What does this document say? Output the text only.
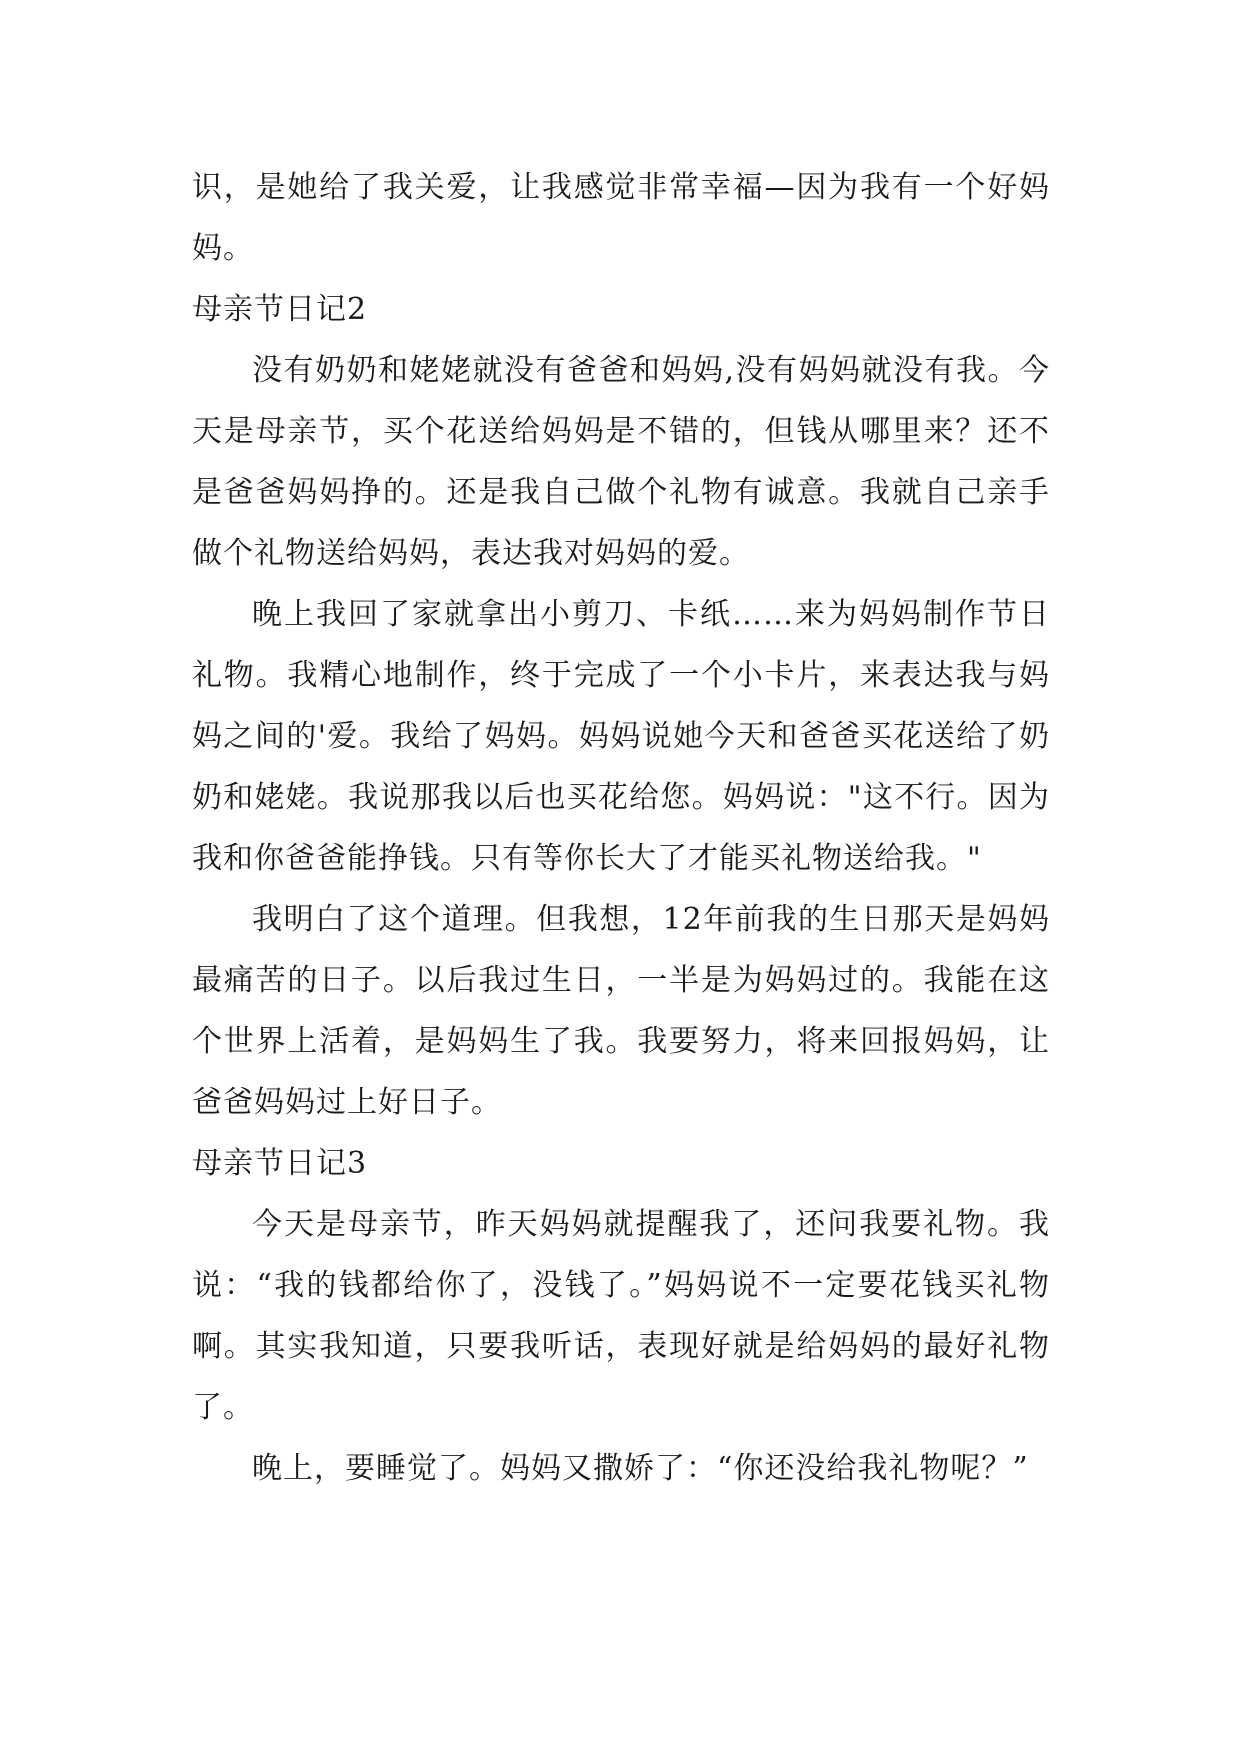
识，是她给了我关爱，让我感觉非常幸福—因为我有一个好妈妈。

母亲节日记2

没有奶奶和姥姥就没有爸爸和妈妈,没有妈妈就没有我。今天是母亲节，买个花送给妈妈是不错的，但钱从哪里来？还不是爸爸妈妈挣的。还是我自己做个礼物有诚意。我就自己亲手做个礼物送给妈妈，表达我对妈妈的爱。

晚上我回了家就拿出小剪刀、卡纸……来为妈妈制作节日礼物。我精心地制作，终于完成了一个小卡片，来表达我与妈妈之间的'爱。我给了妈妈。妈妈说她今天和爸爸买花送给了奶奶和姥姥。我说那我以后也买花给您。妈妈说："这不行。因为我和你爸爸能挣钱。只有等你长大了才能买礼物送给我。"

我明白了这个道理。但我想，12年前我的生日那天是妈妈最痛苦的日子。以后我过生日，一半是为妈妈过的。我能在这个世界上活着，是妈妈生了我。我要努力，将来回报妈妈，让爸爸妈妈过上好日子。

母亲节日记3

今天是母亲节，昨天妈妈就提醒我了，还问我要礼物。我说：“我的钱都给你了，没钱了。”妈妈说不一定要花钱买礼物啊。其实我知道，只要我听话，表现好就是给妈妈的最好礼物了。

晚上，要睡觉了。妈妈又撒娇了：“你还没给我礼物呢？”
